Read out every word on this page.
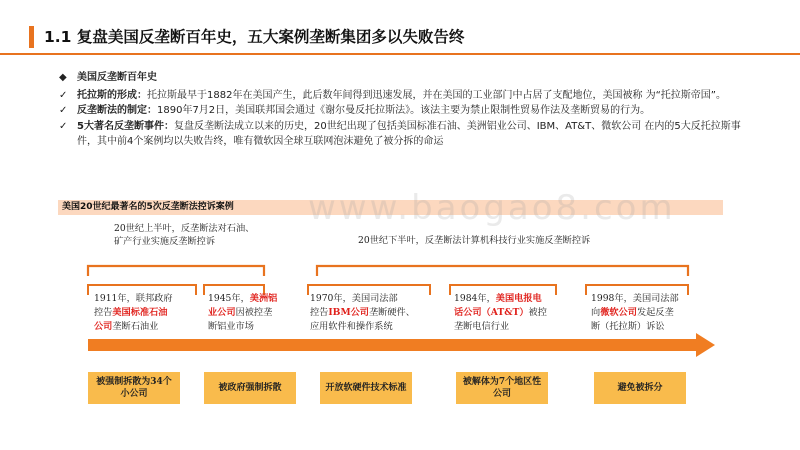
1.1 复盘美国反垄断百年史，五大案例垄断集团多以失败告终
◆ 美国反垄断百年史
✓ 托拉斯的形成：托拉斯最早于1882年在美国产生，此后数年间得到迅速发展，并在美国的工业部门中占居了支配地位，美国被称 为“托拉斯帝国”。
✓ 反垄断法的制定：1890年7月2日，美国联邦国会通过《谢尔曼反托拉斯法》。该法主要为禁止限制性贸易作法及垄断贸易的行为。
✓ 5大著名反垄断事件：复盘反垄断法成立以来的历史，20世纪出现了包括美国标准石油、美洲铝业公司、IBM、AT&T、微软公司 在内的5大反托拉斯事件，其中前4个案例均以失败告终，唯有微软因全球互联网泡沫避免了被分拆的命运
美国20世纪最著名的5次反垄断法控诉案例
20世纪上半叶，反垄断法对石油、
矿产行业实施反垄断控诉	20世纪下半叶，反垄断法计算机科技行业实施反垄断控诉
1911年，联邦政府
控告美国标准石油
公司垄断石油业
1945年，美洲铝
业公司因被控垄
断铝业市场
1970年，美国司法部
控告IBM公司垄断硬件、
应用软件和操作系统
1984年，美国电报电
话公司（AT&T）被控
垄断电信行业
1998年，美国司法部
向微软公司发起反垄
断（托拉斯）诉讼
被强制拆散为34个小公司
被政府强制拆散	开放软硬件技术标准
被解体为7个地区性公司
避免被拆分
www.baogao8.com
